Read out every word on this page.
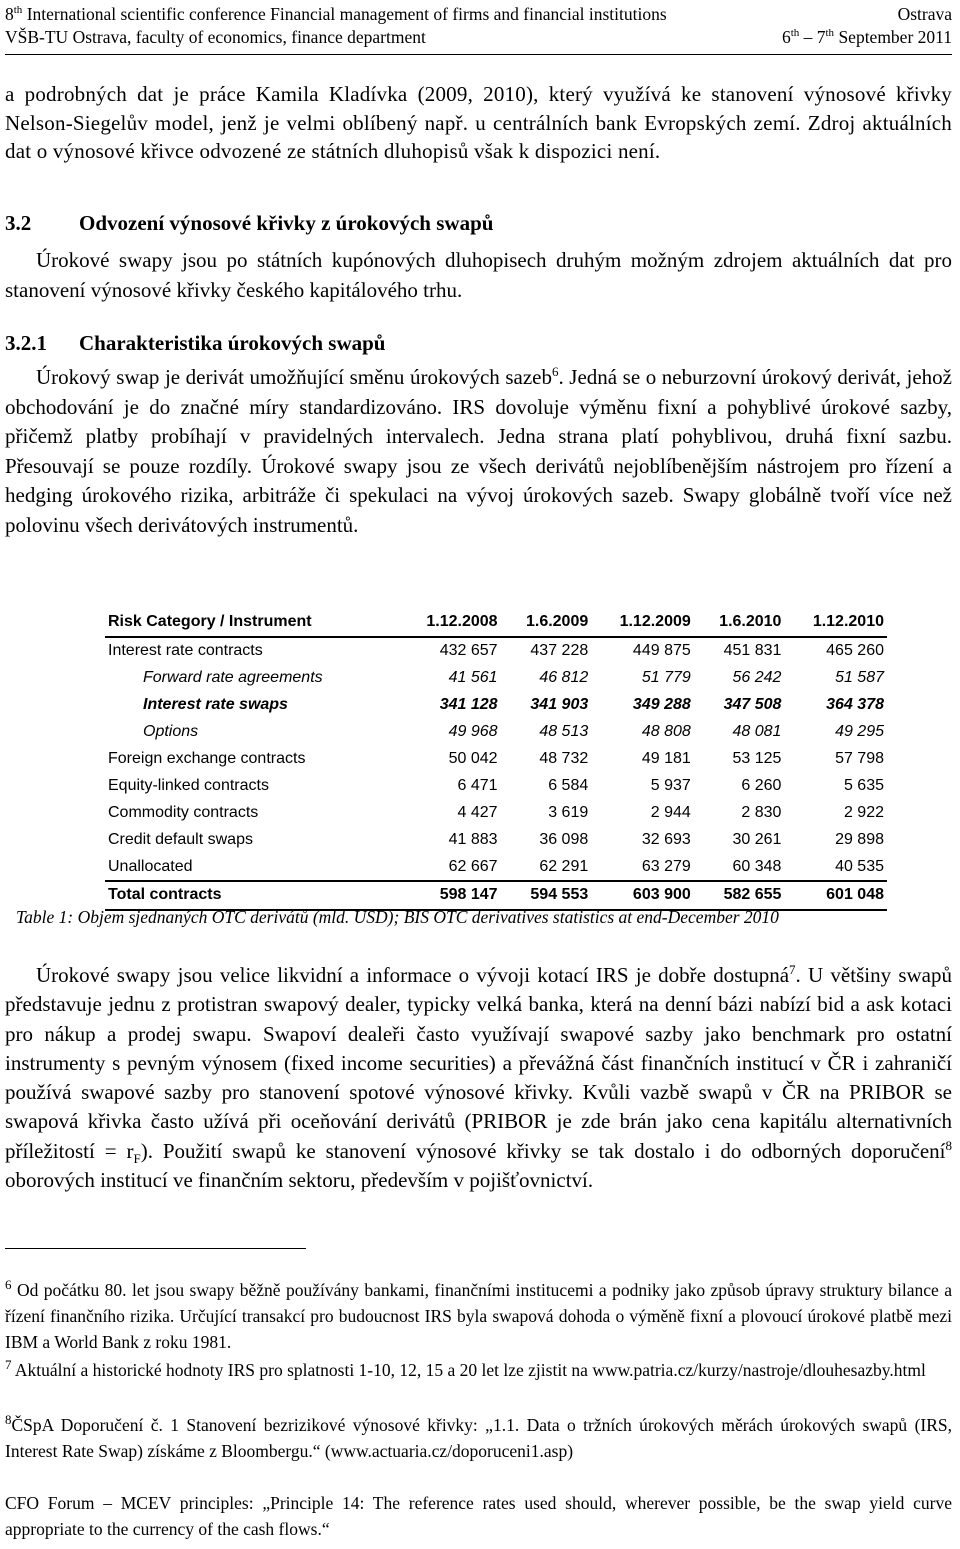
8th International scientific conference Financial management of firms and financial institutions	Ostrava
VŠB-TU Ostrava, faculty of economics, finance department	6th – 7th September 2011
a podrobných dat je práce Kamila Kladívka (2009, 2010), který využívá ke stanovení výnosové křivky Nelson-Siegelův model, jenž je velmi oblíbený např. u centrálních bank Evropských zemí. Zdroj aktuálních dat o výnosové křivce odvozené ze státních dluhopisů však k dispozici není.
3.2 Odvození výnosové křivky z úrokových swapů
Úrokové swapy jsou po státních kupónových dluhopisech druhým možným zdrojem aktuálních dat pro stanovení výnosové křivky českého kapitálového trhu.
3.2.1 Charakteristika úrokových swapů
Úrokový swap je derivát umožňující směnu úrokových sazeb$^6$. Jedná se o neburzovní úrokový derivát, jehož obchodování je do značné míry standardizováno. IRS dovoluje výměnu fixní a pohyblivé úrokové sazby, přičemž platby probíhají v pravidelných intervalech. Jedna strana platí pohyblivou, druhá fixní sazbu. Přesouvají se pouze rozdíly. Úrokové swapy jsou ze všech derivátů nejoblíbenějším nástrojem pro řízení a hedging úrokového rizika, arbitráže či spekulaci na vývoj úrokových sazeb. Swapy globálně tvoří více než polovinu všech derivátových instrumentů.
Risk Category / Instrument	1.12.2008	1.6.2009	1.12.2009	1.6.2010	1.12.2010
Interest rate contracts	432 657	437 228	449 875	451 831	465 260
Forward rate agreements	41 561	46 812	51 779	56 242	51 587
Interest rate swaps	341 128	341 903	349 288	347 508	364 378
Options	49 968	48 513	48 808	48 081	49 295
Foreign exchange contracts	50 042	48 732	49 181	53 125	57 798
Equity-linked contracts	6 471	6 584	5 937	6 260	5 635
Commodity contracts	4 427	3 619	2 944	2 830	2 922
Credit default swaps	41 883	36 098	32 693	30 261	29 898
Unallocated	62 667	62 291	63 279	60 348	40 535
Total contracts	598 147	594 553	603 900	582 655	601 048
Table 1: Objem sjednaných OTC derivátů (mld. USD); BIS OTC derivatives statistics at end-December 2010
Úrokové swapy jsou velice likvidní a informace o vývoji kotací IRS je dobře dostupná$^7$. U většiny swapů představuje jednu z protistran swapový dealer, typicky velká banka, která na denní bázi nabízí bid a ask kotaci pro nákup a prodej swapu. Swapoví dealeři často využívají swapové sazby jako benchmark pro ostatní instrumenty s pevným výnosem (fixed income securities) a převážná část finančních institucí v ČR i zahraničí používá swapové sazby pro stanovení spotové výnosové křivky. Kvůli vazbě swapů v ČR na PRIBOR se swapová křivka často užívá při oceňování derivátů (PRIBOR je zde brán jako cena kapitálu alternativních příležitostí = $r_F$). Použití swapů ke stanovení výnosové křivky se tak dostalo i do odborných doporučení$^8$ oborových institucí ve finančním sektoru, především v pojišťovnictví.
$^6$ Od počátku 80. let jsou swapy běžně používány bankami, finančními institucemi a podniky jako způsob úpravy struktury bilance a řízení finančního rizika. Určující transakcí pro budoucnost IRS byla swapová dohoda o výměně fixní a plovoucí úrokové platbě mezi IBM a World Bank z roku 1981.
$^7$ Aktuální a historické hodnoty IRS pro splatnosti 1-10, 12, 15 a 20 let lze zjistit na www.patria.cz/kurzy/nastroje/dlouhesazby.html
$^8$ČSpA Doporučení č. 1 Stanovení bezrizikové výnosové křivky: „1.1. Data o tržních úrokových měrách úrokových swapů (IRS, Interest Rate Swap) získáme z Bloombergu.“ (www.actuaria.cz/doporuceni1.asp)
CFO Forum – MCEV principles: „Principle 14: The reference rates used should, wherever possible, be the swap yield curve appropriate to the currency of the cash flows.“
